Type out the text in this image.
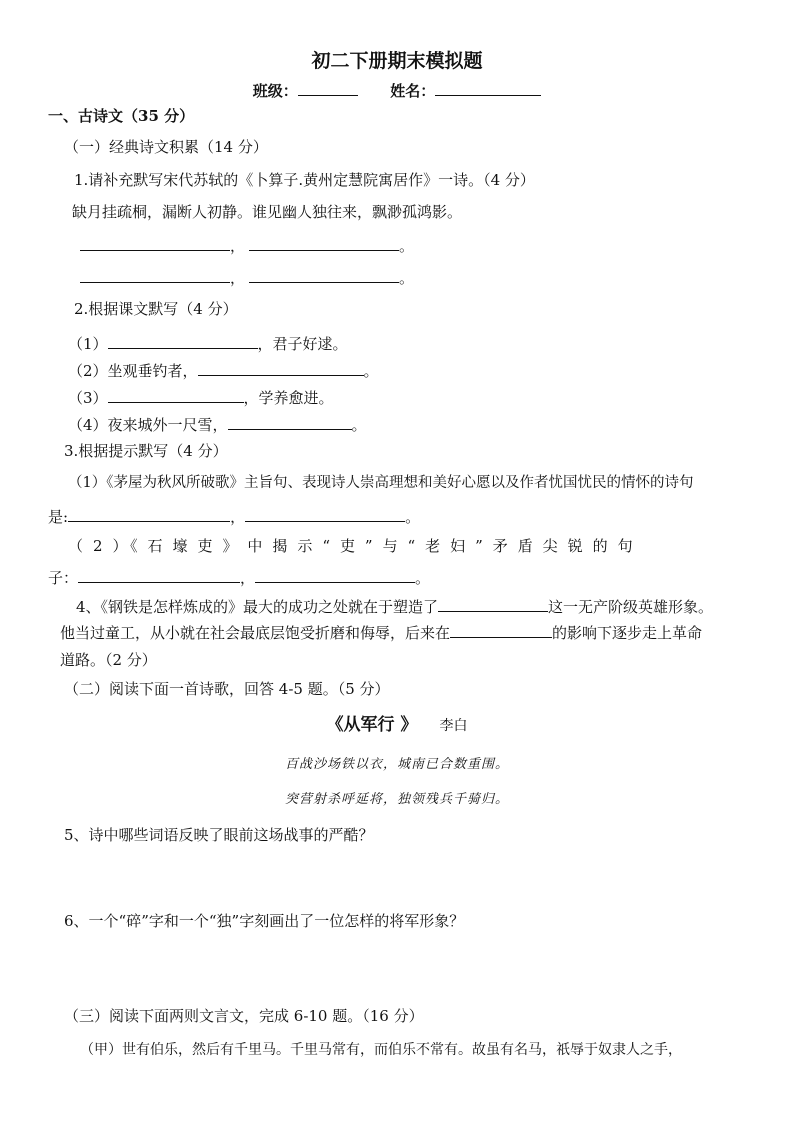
初二下册期末模拟题
班级：	姓名：
一、古诗文（35 分）
（一）经典诗文积累（14 分）
1.请补充默写宋代苏轼的《卜算子.黄州定慧院寓居作》一诗。（4 分）
缺月挂疏桐，漏断人初静。谁见幽人独往来，飘渺孤鸿影。
，	。
，	。
2.根据课文默写（4 分）
（1）	，君子好逑。
（2）坐观垂钓者，	。
（3）	，学养愈进。
（4）夜来城外一尺雪，	。
3.根据提示默写（4 分）
（1）《茅屋为秋风所破歌》主旨句、表现诗人崇高理想和美好心愿以及作者忧国忧民的情怀的诗句
是:	，	。
（ 2 ）《 石 壕 吏 》 中 揭 示 “ 吏 ” 与 “ 老 妇 ” 矛 盾 尖 锐 的 句
子：	，	。
4、《钢铁是怎样炼成的》最大的成功之处就在于塑造了	这一无产阶级英雄形象。
他当过童工，从小就在社会最底层饱受折磨和侮辱，后来在	的影响下逐步走上革命
道路。（2 分）
（二）阅读下面一首诗歌，回答 4-5 题。（5 分）
《从军行 》 李白
百战沙场铁以衣，城南已合数重围。
突营射杀呼延将，独领残兵千骑归。
5、诗中哪些词语反映了眼前这场战事的严酷？
6、一个“碎”字和一个“独”字刻画出了一位怎样的将军形象？
（三）阅读下面两则文言文，完成 6-10 题。（16 分）
（甲）世有伯乐，然后有千里马。千里马常有，而伯乐不常有。故虽有名马，祇辱于奴隶人之手，
